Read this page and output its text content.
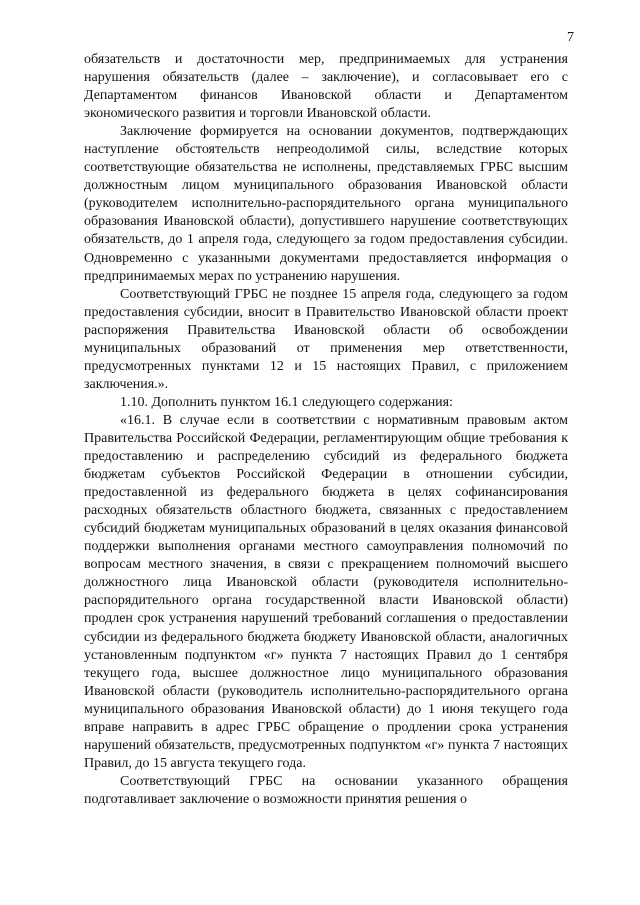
7

обязательств и достаточности мер, предпринимаемых для устранения нарушения обязательств (далее – заключение), и согласовывает его с Департаментом финансов Ивановской области и Департаментом экономического развития и торговли Ивановской области.

Заключение формируется на основании документов, подтверждающих наступление обстоятельств непреодолимой силы, вследствие которых соответствующие обязательства не исполнены, представляемых ГРБС высшим должностным лицом муниципального образования Ивановской области (руководителем исполнительно-распорядительного органа муниципального образования Ивановской области), допустившего нарушение соответствующих обязательств, до 1 апреля года, следующего за годом предоставления субсидии. Одновременно с указанными документами предоставляется информация о предпринимаемых мерах по устранению нарушения.

Соответствующий ГРБС не позднее 15 апреля года, следующего за годом предоставления субсидии, вносит в Правительство Ивановской области проект распоряжения Правительства Ивановской области об освобождении муниципальных образований от применения мер ответственности, предусмотренных пунктами 12 и 15 настоящих Правил, с приложением заключения.».

1.10. Дополнить пунктом 16.1 следующего содержания:

«16.1. В случае если в соответствии с нормативным правовым актом Правительства Российской Федерации, регламентирующим общие требования к предоставлению и распределению субсидий из федерального бюджета бюджетам субъектов Российской Федерации в отношении субсидии, предоставленной из федерального бюджета в целях софинансирования расходных обязательств областного бюджета, связанных с предоставлением субсидий бюджетам муниципальных образований в целях оказания финансовой поддержки выполнения органами местного самоуправления полномочий по вопросам местного значения, в связи с прекращением полномочий высшего должностного лица Ивановской области (руководителя исполнительно-распорядительного органа государственной власти Ивановской области) продлен срок устранения нарушений требований соглашения о предоставлении субсидии из федерального бюджета бюджету Ивановской области, аналогичных установленным подпунктом «г» пункта 7 настоящих Правил до 1 сентября текущего года, высшее должностное лицо муниципального образования Ивановской области (руководитель исполнительно-распорядительного органа муниципального образования Ивановской области) до 1 июня текущего года вправе направить в адрес ГРБС обращение о продлении срока устранения нарушений обязательств, предусмотренных подпунктом «г» пункта 7 настоящих Правил, до 15 августа текущего года.

Соответствующий ГРБС на основании указанного обращения подготавливает заключение о возможности принятия решения о
